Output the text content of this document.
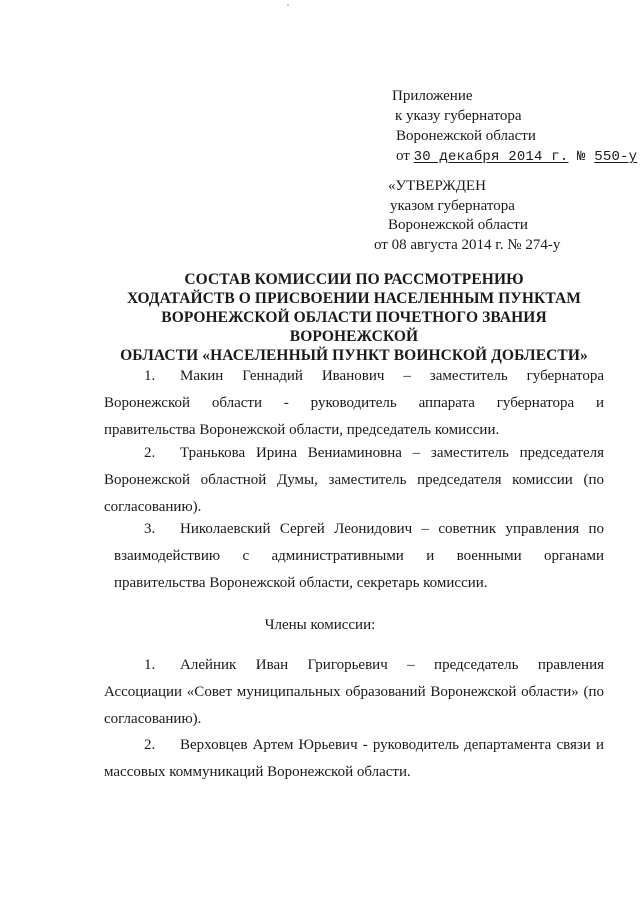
Приложение
к указу губернатора
Воронежской области
от 30 декабря 2014 г. № 550-у
«УТВЕРЖДЕН
указом губернатора
Воронежской области
от 08 августа 2014 г. № 274-у
СОСТАВ КОМИССИИ ПО РАССМОТРЕНИЮ
ХОДАТАЙСТВ О ПРИСВОЕНИИ НАСЕЛЕННЫМ ПУНКТАМ
ВОРОНЕЖСКОЙ ОБЛАСТИ ПОЧЕТНОГО ЗВАНИЯ ВОРОНЕЖСКОЙ
ОБЛАСТИ «НАСЕЛЕННЫЙ ПУНКТ ВОИНСКОЙ ДОБЛЕСТИ»
1.	Макин Геннадий Иванович – заместитель губернатора
Воронежской области - руководитель аппарата губернатора и
правительства Воронежской области, председатель комиссии.
2.	Транькова Ирина Вениаминовна – заместитель председателя
Воронежской областной Думы, заместитель председателя комиссии (по
согласованию).
3.	Николаевский Сергей Леонидович – советник управления по
взаимодействию с административными и военными органами
правительства Воронежской области, секретарь комиссии.
Члены комиссии:
1.	Алейник Иван Григорьевич – председатель правления
Ассоциации «Совет муниципальных образований Воронежской области» (по
согласованию).
2.	Верховцев Артем Юрьевич - руководитель департамента связи и
массовых коммуникаций Воронежской области.
